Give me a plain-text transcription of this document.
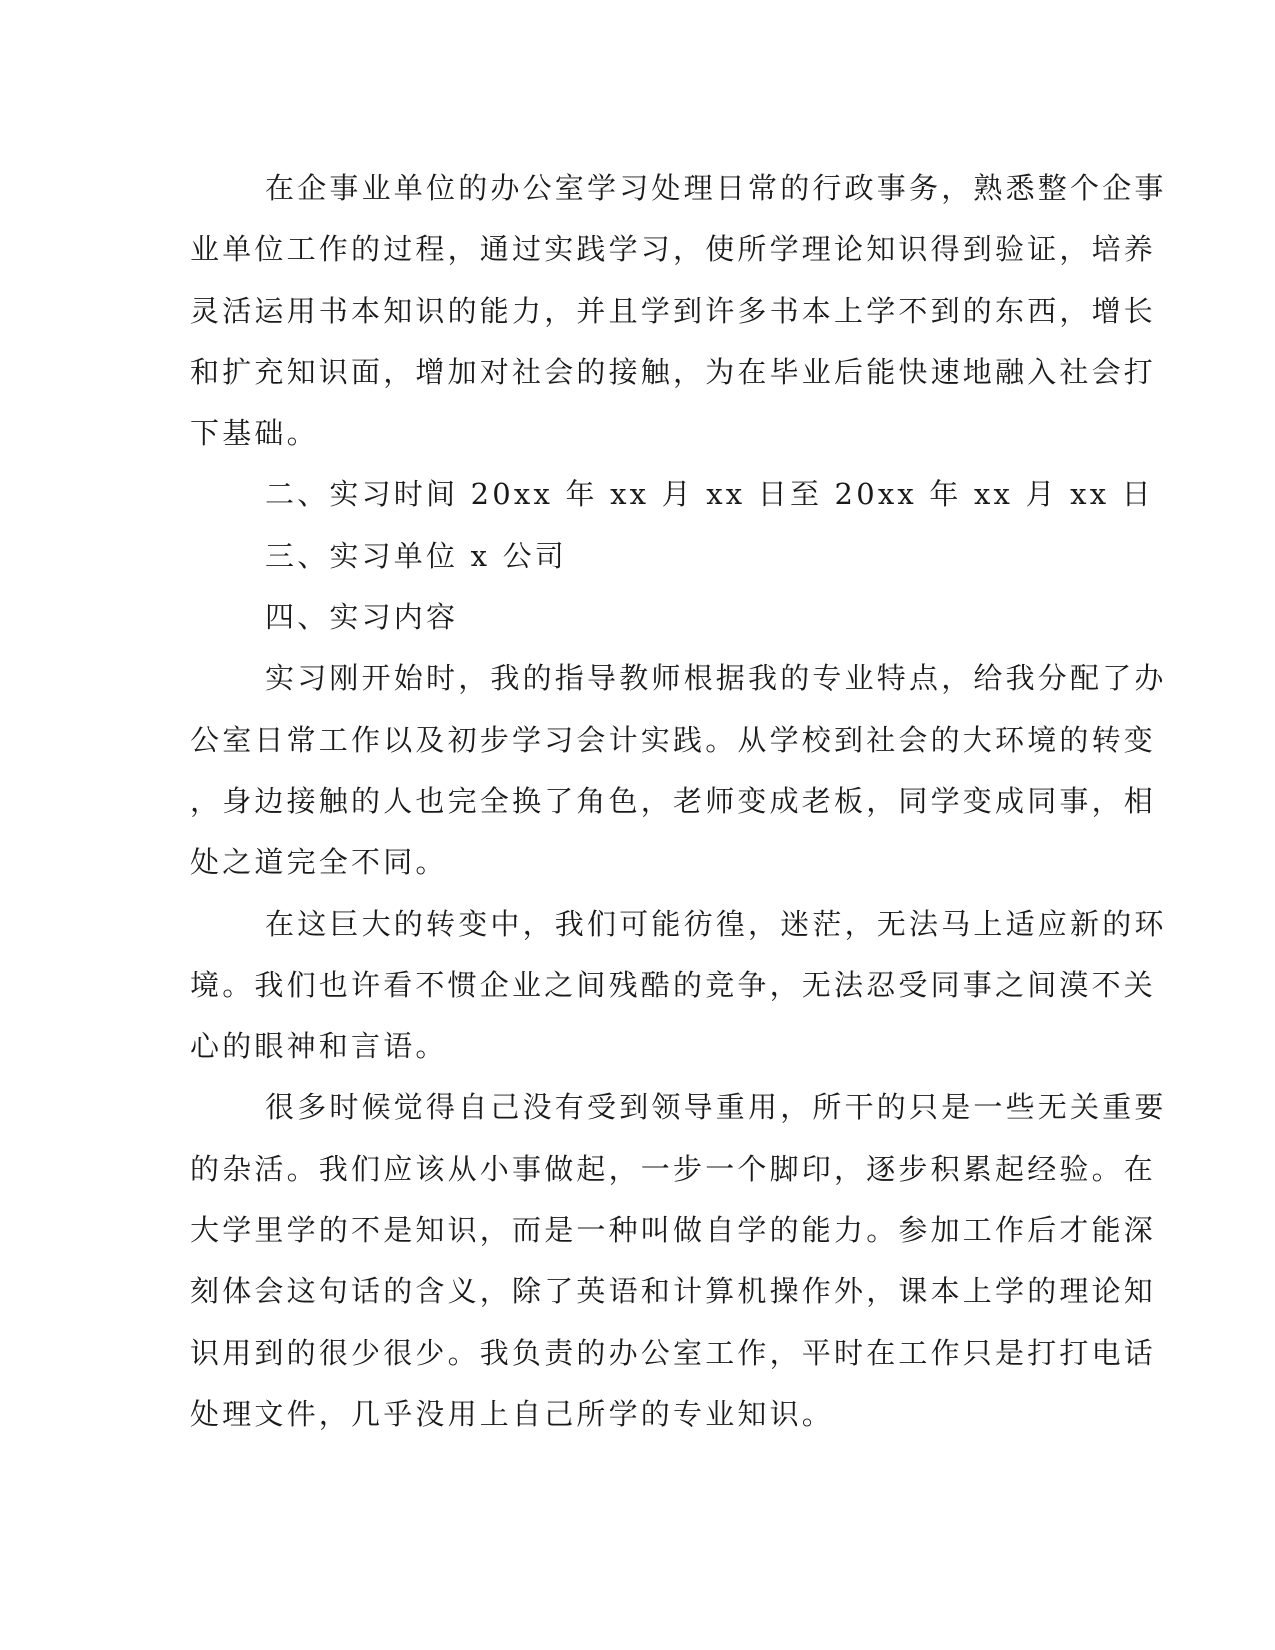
在企事业单位的办公室学习处理日常的行政事务，熟悉整个企事
业单位工作的过程，通过实践学习，使所学理论知识得到验证，培养
灵活运用书本知识的能力，并且学到许多书本上学不到的东西，增长
和扩充知识面，增加对社会的接触，为在毕业后能快速地融入社会打
下基础。
二、实习时间 20xx 年 xx 月 xx 日至 20xx 年 xx 月 xx 日
三、实习单位 x 公司
四、实习内容
实习刚开始时，我的指导教师根据我的专业特点，给我分配了办
公室日常工作以及初步学习会计实践。从学校到社会的大环境的转变
，身边接触的人也完全换了角色，老师变成老板，同学变成同事，相
处之道完全不同。
在这巨大的转变中，我们可能彷徨，迷茫，无法马上适应新的环
境。我们也许看不惯企业之间残酷的竞争，无法忍受同事之间漠不关
心的眼神和言语。
很多时候觉得自己没有受到领导重用，所干的只是一些无关重要
的杂活。我们应该从小事做起，一步一个脚印，逐步积累起经验。在
大学里学的不是知识，而是一种叫做自学的能力。参加工作后才能深
刻体会这句话的含义，除了英语和计算机操作外，课本上学的理论知
识用到的很少很少。我负责的办公室工作，平时在工作只是打打电话
处理文件，几乎没用上自己所学的专业知识。
